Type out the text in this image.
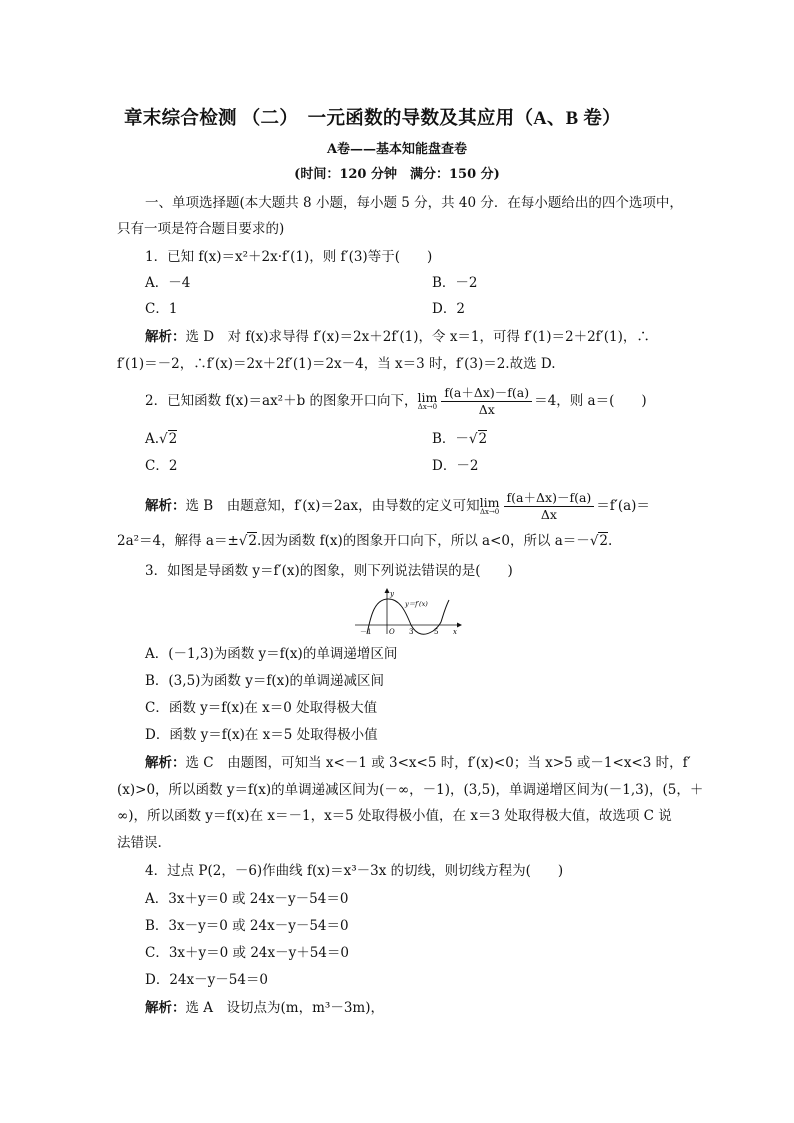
章末综合检测 （二）　一元函数的导数及其应用（A、B 卷）
A卷——基本知能盘查卷
(时间：120 分钟　满分：150 分)
一、单项选择题(本大题共 8 小题，每小题 5 分，共 40 分．在每小题给出的四个选项中，
只有一项是符合题目要求的)
1．已知 f(x)＝x²＋2x·f′(1)，则 f′(3)等于(　　)
A．－4	B．－2
C．1	D．2
解析：选 D　对 f(x)求导得 f′(x)＝2x＋2f′(1)，令 x＝1，可得 f′(1)＝2＋2f′(1)，∴
f′(1)＝－2，∴f′(x)＝2x＋2f′(1)＝2x－4，当 x＝3 时，f′(3)＝2.故选 D.
2．已知函数 f(x)＝ax²＋b 的图象开口向下，lim
$\Delta x\to 0 \frac{f(a+\Delta x)-f(a)}{\Delta x} =4$，则 a＝(　　)
A.√2	B．－√2
C．2	D．－2
解析：选 B　由题意知，f′(x)＝2ax，由导数的定义可知lim
$\Delta x\to 0 \frac{f(a+\Delta x)-f(a)}{\Delta x} =f'(a)=$
2a²＝4，解得 a＝±√2.因为函数 f(x)的图象开口向下，所以 a<0，所以 a＝－√2.
3．如图是导函数 y＝f′(x)的图象，则下列说法错误的是(　　)
y
x
O
－1	3	5
y＝f′(x)
A．(－1,3)为函数 y＝f(x)的单调递增区间
B．(3,5)为函数 y＝f(x)的单调递减区间
C．函数 y＝f(x)在 x＝0 处取得极大值
D．函数 y＝f(x)在 x＝5 处取得极小值
解析：选 C　由题图，可知当 x<－1 或 3<x<5 时，f′(x)<0；当 x>5 或－1<x<3 时，f′
(x)>0，所以函数 y＝f(x)的单调递减区间为(－∞，－1)，(3,5)，单调递增区间为(－1,3)，(5，＋
∞)，所以函数 y＝f(x)在 x＝－1，x＝5 处取得极小值，在 x＝3 处取得极大值，故选项 C 说
法错误.
4．过点 P(2，－6)作曲线 f(x)＝x³－3x 的切线，则切线方程为(　　)
A．3x＋y＝0 或 24x－y－54＝0
B．3x－y＝0 或 24x－y－54＝0
C．3x＋y＝0 或 24x－y＋54＝0
D．24x－y－54＝0
解析：选 A　设切点为(m，m³－3m)，
